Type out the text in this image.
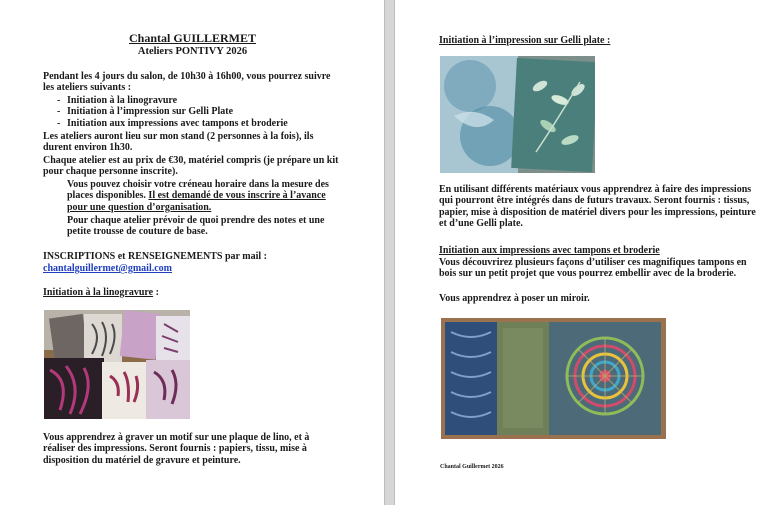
Chantal GUILLERMET
Ateliers PONTIVY 2026
Pendant les 4 jours du salon, de 10h30 à 16h00, vous pourrez suivre les ateliers suivants :
- Initiation à la linogravure
- Initiation à l’impression sur Gelli Plate
- Initiation aux impressions avec tampons et broderie
Les ateliers auront lieu sur mon stand (2 personnes à la fois), ils durent environ 1h30.
Chaque atelier est au prix de €30, matériel compris (je prépare un kit pour chaque personne inscrite).
Vous pouvez choisir votre créneau horaire dans la mesure des places disponibles. Il est demandé de vous inscrire à l’avance pour une question d’organisation.
Pour chaque atelier prévoir de quoi prendre des notes et une petite trousse de couture de base.
INSCRIPTIONS et RENSEIGNEMENTS par mail :
chantalguillermet@gmail.com
Initiation à la linogravure :
Vous apprendrez à graver un motif sur une plaque de lino, et à réaliser des impressions. Seront fournis : papiers, tissu, mise à disposition du matériel de gravure et peinture.
Initiation à l’impression sur Gelli plate :
En utilisant différents matériaux vous apprendrez à faire des impressions qui pourront être intégrés dans de futurs travaux. Seront fournis : tissus, papier, mise à disposition de matériel divers pour les impressions, peinture et d’une Gelli plate.
Initiation aux impressions avec tampons et broderie
Vous découvrirez plusieurs façons d’utiliser ces magnifiques tampons en bois sur un petit projet que vous pourrez embellir avec de la broderie.
Vous apprendrez à poser un miroir.
Chantal Guillermet 2026
